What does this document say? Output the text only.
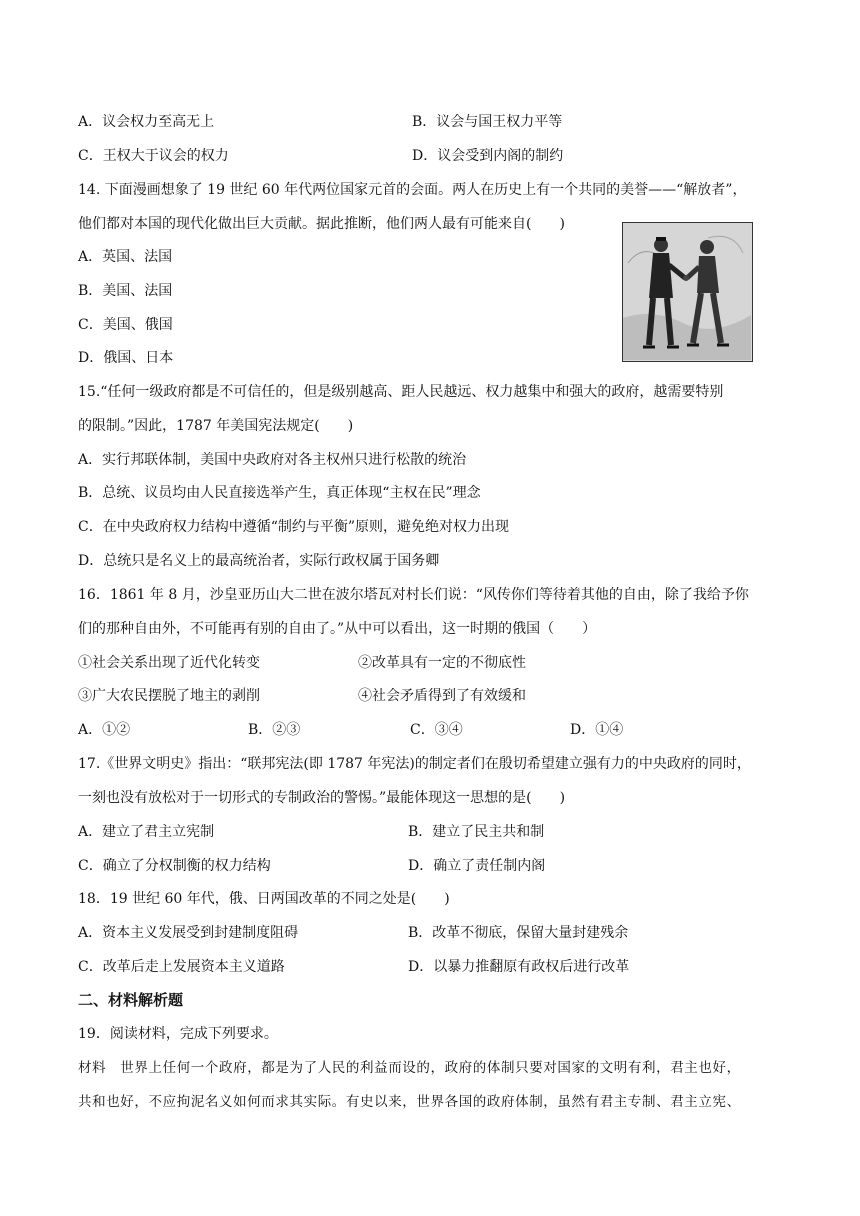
A．议会权力至高无上	B．议会与国王权力平等
C．王权大于议会的权力	D．议会受到内阁的制约
14. 下面漫画想象了 19 世纪 60 年代两位国家元首的会面。两人在历史上有一个共同的美誉——“解放者”，
他们都对本国的现代化做出巨大贡献。据此推断，他们两人最有可能来自(　　)
A．英国、法国
B．美国、法国
C．美国、俄国
D．俄国、日本
15.“任何一级政府都是不可信任的，但是级别越高、距人民越远、权力越集中和强大的政府，越需要特别
的限制。”因此，1787 年美国宪法规定(　　)
A．实行邦联体制，美国中央政府对各主权州只进行松散的统治
B．总统、议员均由人民直接选举产生，真正体现“主权在民”理念
C．在中央政府权力结构中遵循“制约与平衡”原则，避免绝对权力出现
D．总统只是名义上的最高统治者，实际行政权属于国务卿
16．1861 年 8 月，沙皇亚历山大二世在波尔塔瓦对村长们说：“风传你们等待着其他的自由，除了我给予你
们的那种自由外，不可能再有别的自由了。”从中可以看出，这一时期的俄国（　　）
①社会关系出现了近代化转变	②改革具有一定的不彻底性
③广大农民摆脱了地主的剥削	④社会矛盾得到了有效缓和
A．①②	B．②③	C．③④	D．①④
17.《世界文明史》指出：“联邦宪法(即 1787 年宪法)的制定者们在殷切希望建立强有力的中央政府的同时，
一刻也没有放松对于一切形式的专制政治的警惕。”最能体现这一思想的是(　　)
A．建立了君主立宪制	B．建立了民主共和制
C．确立了分权制衡的权力结构	D．确立了责任制内阁
18．19 世纪 60 年代，俄、日两国改革的不同之处是(　　)
A．资本主义发展受到封建制度阻碍	B．改革不彻底，保留大量封建残余
C．改革后走上发展资本主义道路	D．以暴力推翻原有政权后进行改革
二、材料解析题
19．阅读材料，完成下列要求。
材料　世界上任何一个政府，都是为了人民的利益而设的，政府的体制只要对国家的文明有利，君主也好，
共和也好，不应拘泥名义如何而求其实际。有史以来，世界各国的政府体制，虽然有君主专制、君主立宪、
